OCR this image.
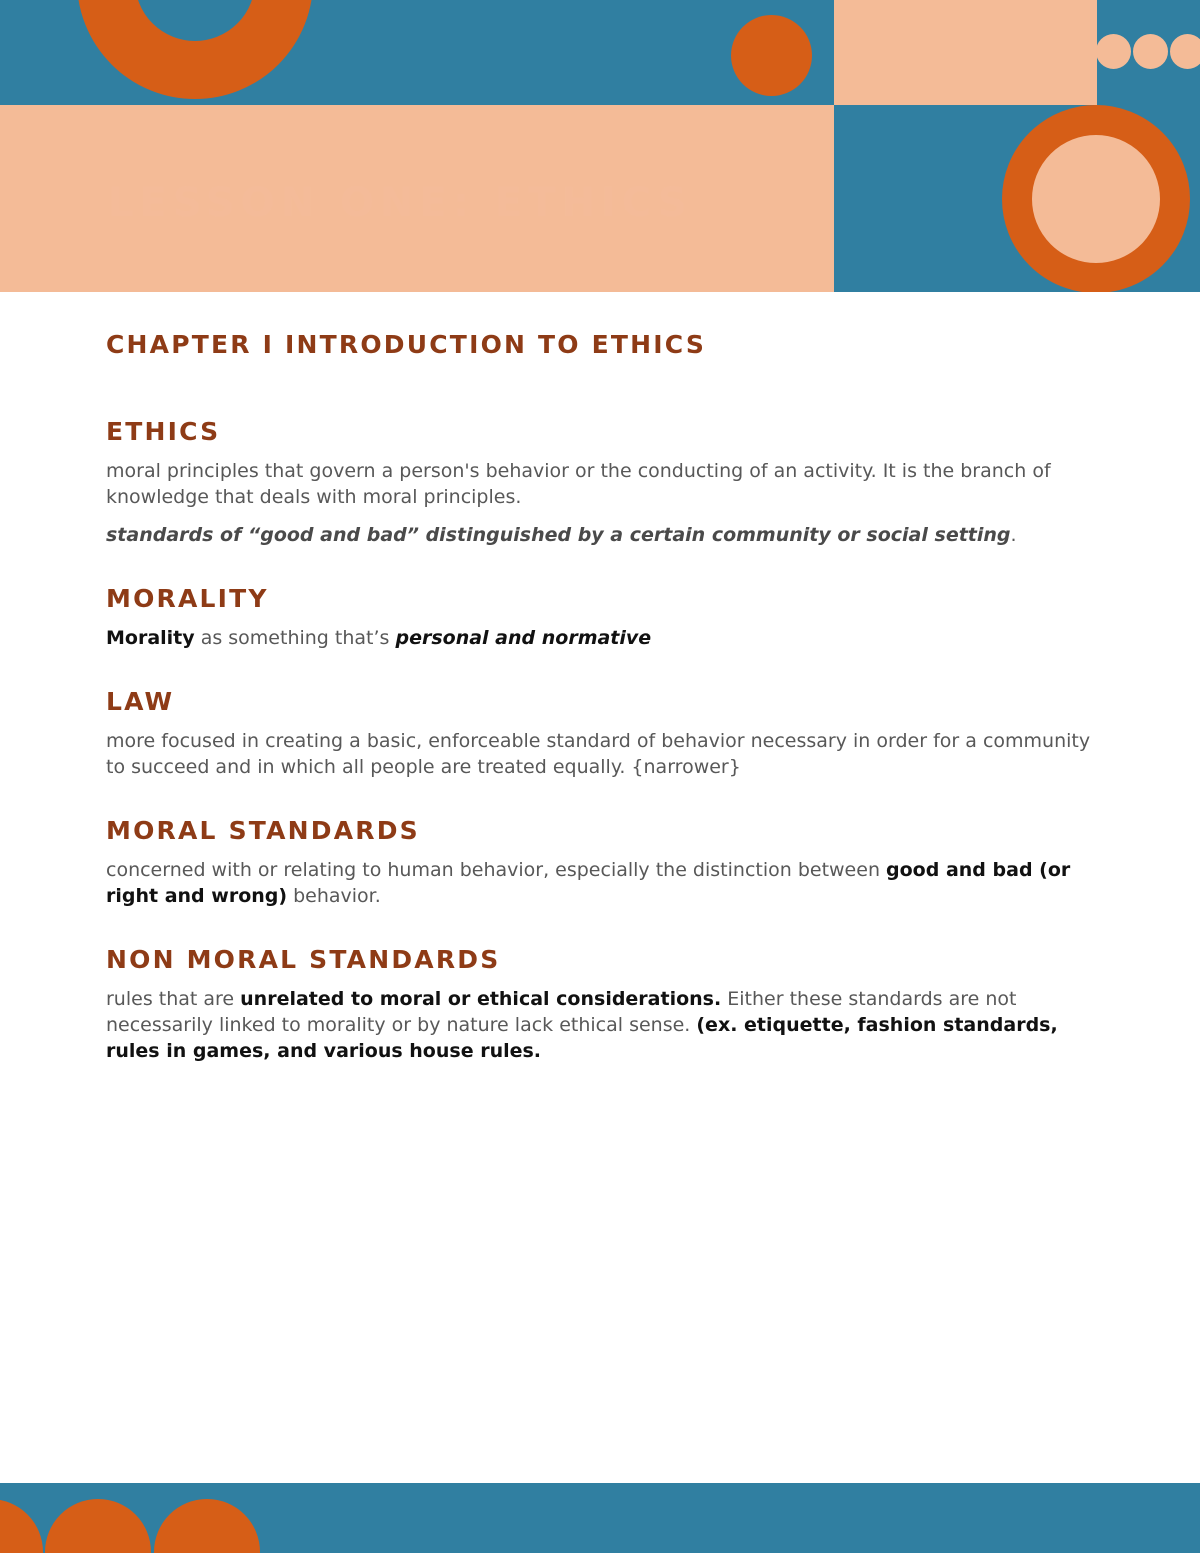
LESSON ONE: ETHICS
CHAPTER I INTRODUCTION TO ETHICS
ETHICS

moral principles that govern a person's behavior or the conducting of an activity. It is the branch of knowledge that deals with moral principles.

standards of “good and bad” distinguished by a certain community or social setting.

MORALITY

Morality as something that’s personal and normative

LAW

more focused in creating a basic, enforceable standard of behavior necessary in order for a community to succeed and in which all people are treated equally. {narrower}

MORAL STANDARDS

concerned with or relating to human behavior, especially the distinction between good and bad (or right and wrong) behavior.

NON MORAL STANDARDS

rules that are unrelated to moral or ethical considerations. Either these standards are not necessarily linked to morality or by nature lack ethical sense. (ex. etiquette, fashion standards, rules in games, and various house rules.
